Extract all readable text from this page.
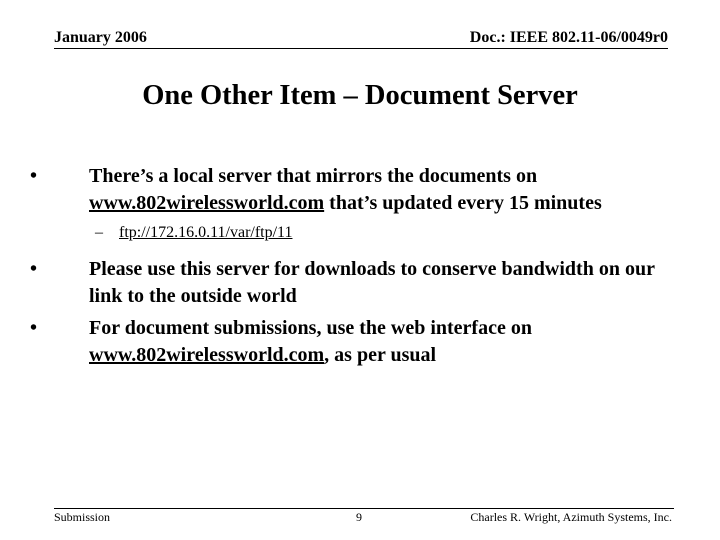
January 2006	Doc.: IEEE 802.11-06/0049r0
One Other Item – Document Server
•	There’s a local server that mirrors the documents on www.802wirelessworld.com that’s updated every 15 minutes
– ftp://172.16.0.11/var/ftp/11
•	Please use this server for downloads to conserve bandwidth on our link to the outside world
•	For document submissions, use the web interface on www.802wirelessworld.com, as per usual
Submission	9	Charles R. Wright, Azimuth Systems, Inc.
